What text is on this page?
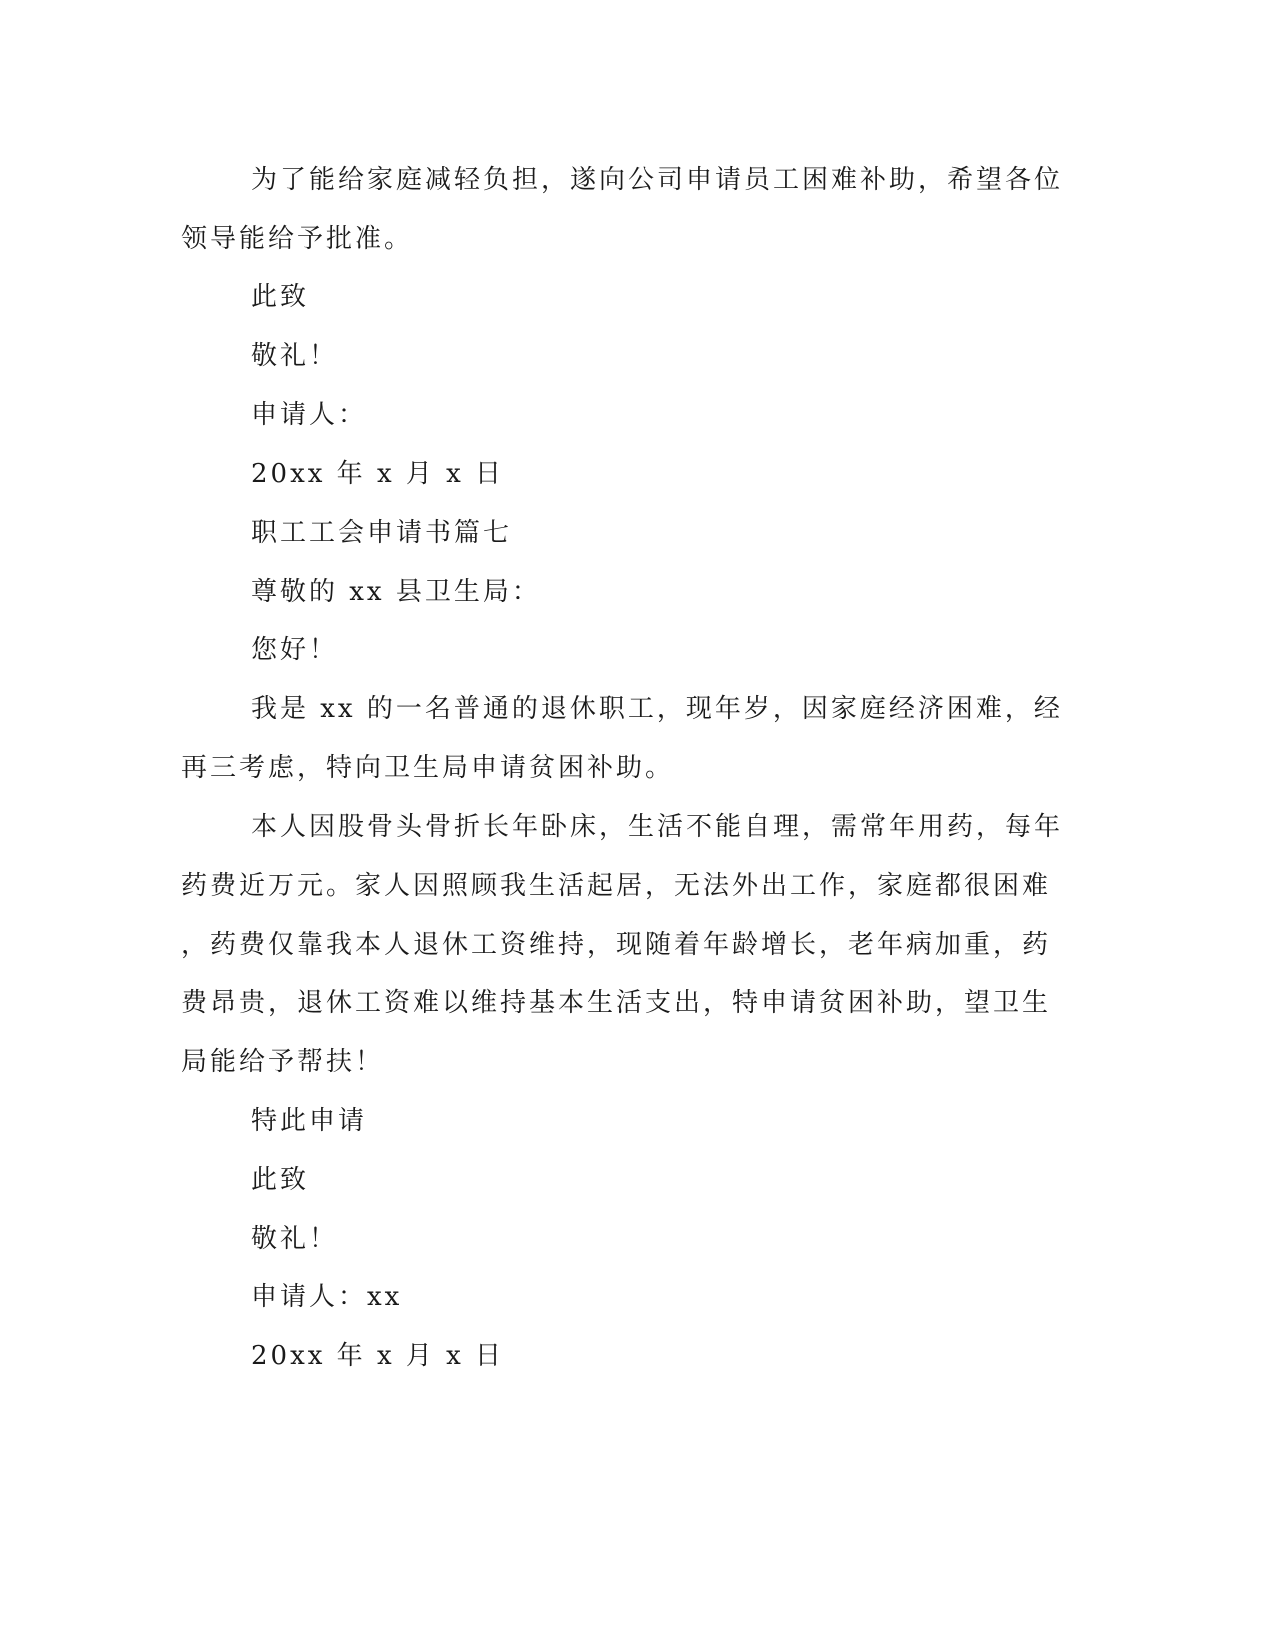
为了能给家庭减轻负担，遂向公司申请员工困难补助，希望各位
领导能给予批准。
此致
敬礼！
申请人：
20xx 年 x 月 x 日
职工工会申请书篇七
尊敬的 xx 县卫生局：
您好！
我是 xx 的一名普通的退休职工，现年岁，因家庭经济困难，经
再三考虑，特向卫生局申请贫困补助。
本人因股骨头骨折长年卧床，生活不能自理，需常年用药，每年
药费近万元。家人因照顾我生活起居，无法外出工作，家庭都很困难
，药费仅靠我本人退休工资维持，现随着年龄增长，老年病加重，药
费昂贵，退休工资难以维持基本生活支出，特申请贫困补助，望卫生
局能给予帮扶！
特此申请
此致
敬礼！
申请人：xx
20xx 年 x 月 x 日
